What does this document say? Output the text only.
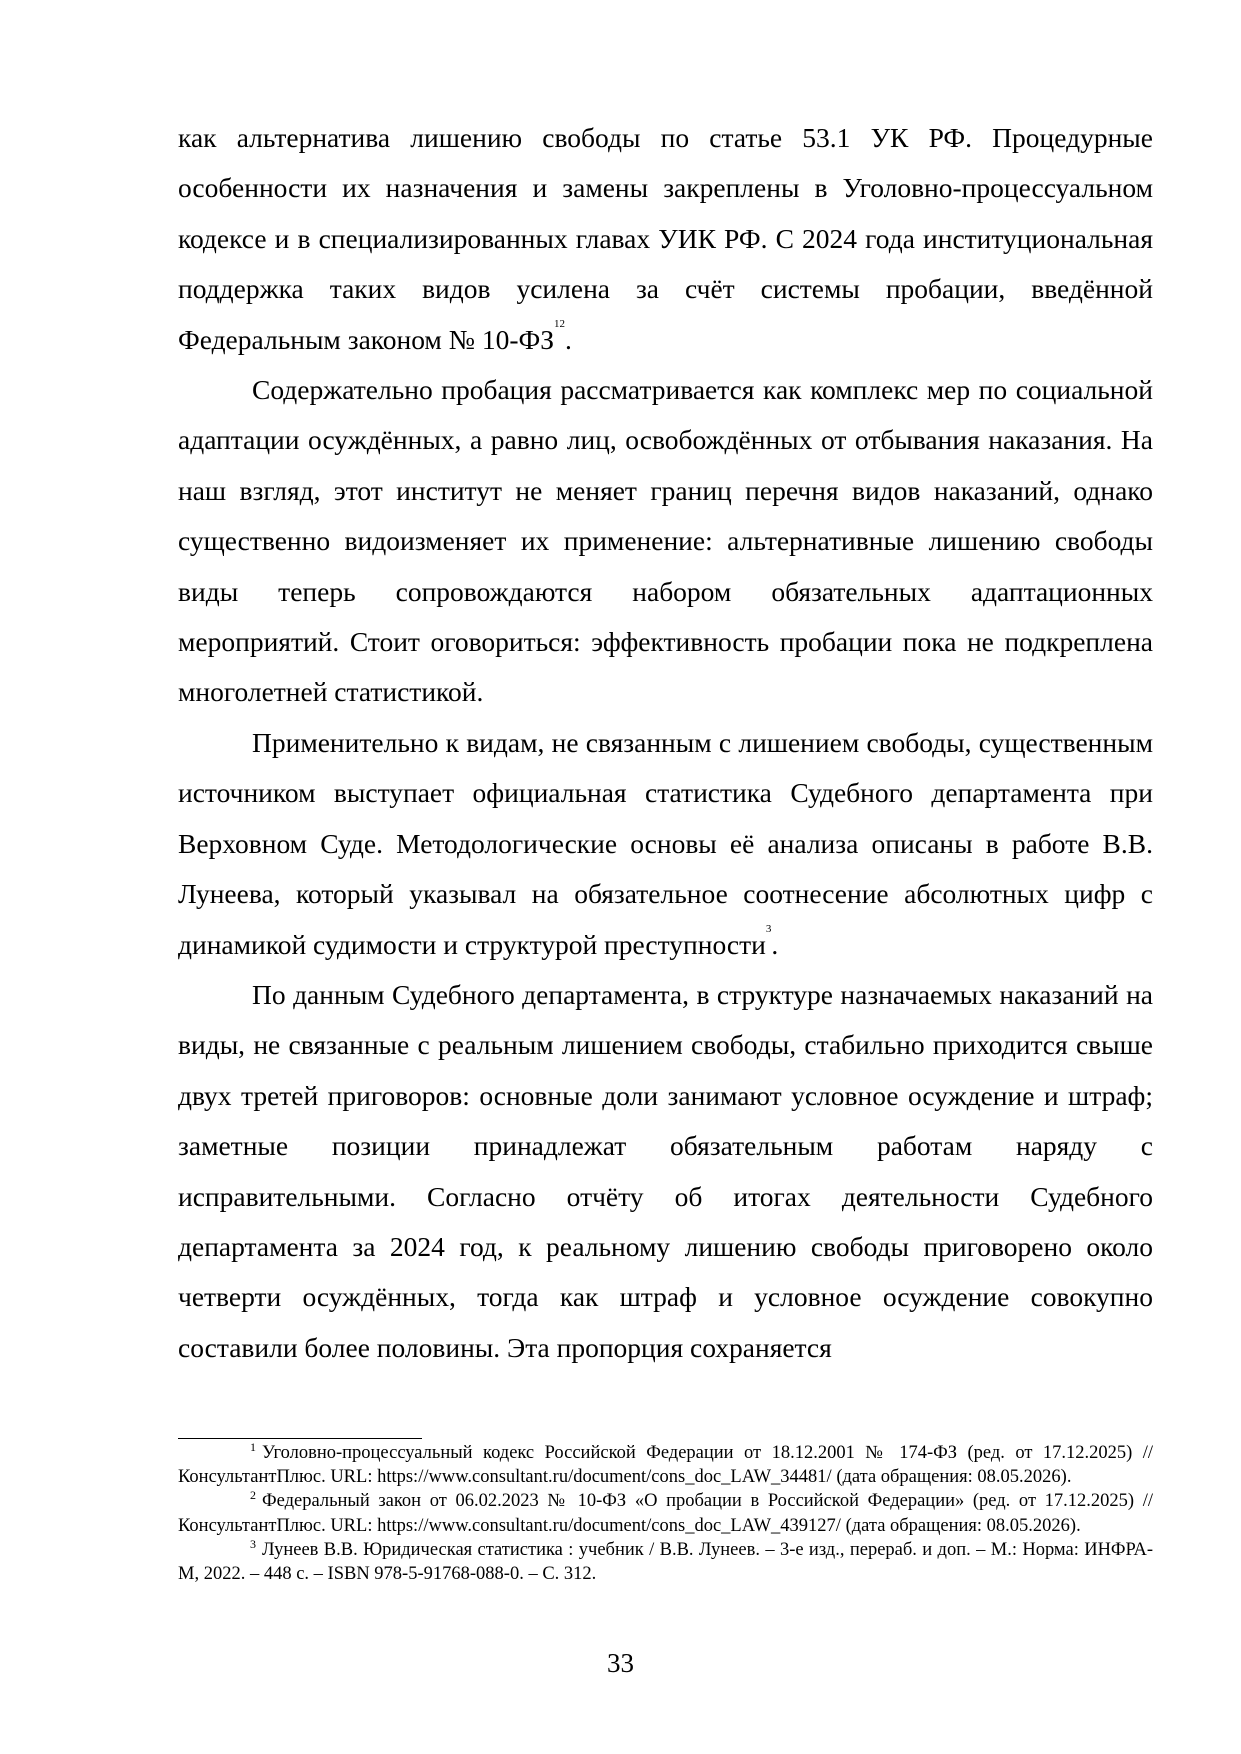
как альтернатива лишению свободы по статье 53.1 УК РФ. Процедурные особенности их назначения и замены закреплены в Уголовно-процессуальном кодексе и в специализированных главах УИК РФ. С 2024 года институциональная поддержка таких видов усилена за счёт системы пробации, введённой Федеральным законом № 10-ФЗ$^{12}$.

Содержательно пробация рассматривается как комплекс мер по социальной адаптации осуждённых, а равно лиц, освобождённых от отбывания наказания. На наш взгляд, этот институт не меняет границ перечня видов наказаний, однако существенно видоизменяет их применение: альтернативные лишению свободы виды теперь сопровождаются набором обязательных адаптационных мероприятий. Стоит оговориться: эффективность пробации пока не подкреплена многолетней статистикой.

Применительно к видам, не связанным с лишением свободы, существенным источником выступает официальная статистика Судебного департамента при Верховном Суде. Методологические основы её анализа описаны в работе В.В. Лунеева, который указывал на обязательное соотнесение абсолютных цифр с динамикой судимости и структурой преступности$^3$.

По данным Судебного департамента, в структуре назначаемых наказаний на виды, не связанные с реальным лишением свободы, стабильно приходится свыше двух третей приговоров: основные доли занимают условное осуждение и штраф; заметные позиции принадлежат обязательным работам наряду с исправительными. Согласно отчёту об итогах деятельности Судебного департамента за 2024 год, к реальному лишению свободы приговорено около четверти осуждённых, тогда как штраф и условное осуждение совокупно составили более половины. Эта пропорция сохраняется

$^1$ Уголовно-процессуальный кодекс Российской Федерации от 18.12.2001 № 174-ФЗ (ред. от 17.12.2025) // КонсультантПлюс. URL: https://www.consultant.ru/document/cons_doc_LAW_34481/ (дата обращения: 08.05.2026).

$^2$ Федеральный закон от 06.02.2023 № 10-ФЗ «О пробации в Российской Федерации» (ред. от 17.12.2025) // КонсультантПлюс. URL: https://www.consultant.ru/document/cons_doc_LAW_439127/ (дата обращения: 08.05.2026).

$^3$ Лунеев В.В. Юридическая статистика : учебник / В.В. Лунеев. – 3-е изд., перераб. и доп. – М.: Норма: ИНФРА-М, 2022. – 448 с. – ISBN 978-5-91768-088-0. – С. 312.

33
